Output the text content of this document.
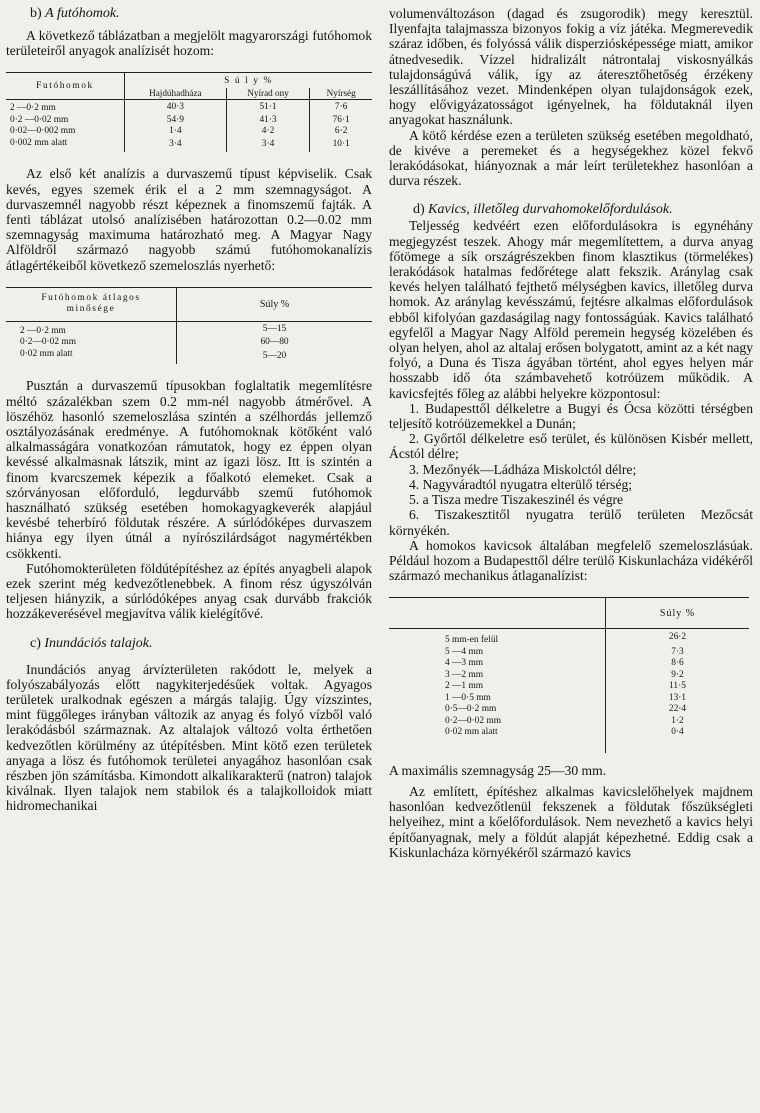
b) A futóhomok.

A következő táblázatban a megjelölt magyarországi futóhomok területeiről anyagok analízisét hozom:

Futóhomok	S ú l y %		
	Hajdúhadháza	Nyírad ony	Nyírség
2 —0·2 mm	40·3	51·1	7·6
0·2 —0·02 mm	54·9	41·3	76·1
0·02—0·002 mm	1·4	4·2	6·2
0·002 mm alatt	3·4	3·4	10·1

Az első két analízis a durvaszemű típust képviselik. Csak kevés, egyes szemek érik el a 2 mm szemnagyságot. A durvaszemnél nagyobb részt képeznek a finomszemű fajták. A fenti táblázat utolsó analízisében határozottan 0.2—0.02 mm szemnagyság maximuma határozható meg. A Magyar Nagy Alföldről származó nagyobb számú futóhomokanalízis átlagértékeiből következő szemeloszlás nyerhető:

Futóhomok átlagos
minősége	Súly %
2 —0·2 mm	5—15
0·2—0·02 mm	60—80
0·02 mm alatt	5—20

Pusztán a durvaszemű típusokban foglaltatik megemlítésre méltó százalékban szem 0.2 mm-nél nagyobb átmérővel. A löszéhöz hasonló szemeloszlása szintén a szélhordás jellemző osztályozásának eredménye. A futóhomoknak kötőként való alkalmasságára vonatkozóan rámutatok, hogy ez éppen olyan kevéssé alkalmasnak látszik, mint az igazi lösz. Itt is szintén a finom kvarcszemek képezik a főalkotó elemeket. Csak a szórványosan előforduló, legdurvább szemű futóhomok használható szükség esetében homokagyagkeverék alapjául kevésbé teherbíró földutak részére. A súrlódóképes durvaszem hiánya egy ilyen útnál a nyírószilárdságot nagymértékben csökkenti.

Futóhomokterületen földútépítéshez az építés anyagbeli alapok ezek szerint még kedvezőtlenebbek. A finom rész úgyszólván teljesen hiányzik, a súrlódóképes anyag csak durvább frakciók hozzákeverésével megjavítva válik kielégítővé.

c) Inundációs talajok.

Inundációs anyag árvízterületen rakódott le, melyek a folyószabályozás előtt nagykiterjedésűek voltak. Agyagos területek uralkodnak egészen a márgás talajig. Úgy vízszintes, mint függőleges irányban változik az anyag és folyó vízből való lerakódásból származnak. Az altalajok változó volta érthetően kedvezőtlen körülmény az útépítésben. Mint kötő ezen területek anyaga a lösz és futóhomok területei anyagához hasonlóan csak részben jön számításba. Kimondott alkalikarakterű (natron) talajok kiválnak. Ilyen talajok nem stabilok és a talajkolloidok miatt hidromechanikai

volumenváltozáson (dagad és zsugorodik) megy keresztül. Ilyenfajta talajmassza bizonyos fokig a víz játéka. Megmerevedik száraz időben, és folyóssá válik disperziósképessége miatt, amikor átnedvesedik. Vízzel hidralizált nátrontalaj viskosnyálkás tulajdonságúvá válik, így az áteresztőhetőség érzékeny leszállításához vezet. Mindenképen olyan tulajdonságok ezek, hogy elővigyázatosságot igényelnek, ha földutaknál ilyen anyagokat használunk.

A kötő kérdése ezen a területen szükség esetében megoldható, de kivéve a peremeket és a hegységekhez közel fekvő lerakódásokat, hiányoznak a már leírt területekhez hasonlóan a durva részek.

d) Kavics, illetőleg durvahomokelőfordulások.

Teljesség kedvéért ezen előfordulásokra is egynéhány megjegyzést teszek. Ahogy már megemlítettem, a durva anyag főtömege a sík országrészekben finom klasztikus (törmelékes) lerakódások hatalmas fedőrétege alatt fekszik. Aránylag csak kevés helyen található fejthető mélységben kavics, illetőleg durva homok. Az aránylag kevésszámú, fejtésre alkalmas előfordulások ebből kifolyóan gazdaságilag nagy fontosságúak. Kavics található egyfelől a Magyar Nagy Alföld peremein hegység közelében és olyan helyen, ahol az altalaj erősen bolygatott, amint az a két nagy folyó, a Duna és Tisza ágyában történt, ahol egyes helyen már hosszabb idő óta számbavehető kotróüzem működik. A kavicsfejtés főleg az alábbi helyekre központosul:

1. Budapesttől délkeletre a Bugyi és Ócsa közötti térségben teljesítő kotróüzemekkel a Dunán;

2. Győrtől délkeletre eső terület, és különösen Kisbér mellett, Ácstól délre;

3. Mezőnyék—Ládháza Miskolctól délre;

4. Nagyváradtól nyugatra elterülő térség;

5. a Tisza medre Tiszakeszinél és végre

6. Tiszakesztitől nyugatra terülő területen Mezőcsát környékén.

A homokos kavicsok általában megfelelő szemeloszlásúak. Például hozom a Budapesttől délre terülő Kiskunlacháza vidékéről származó mechanikus átlaganalízist:

	Súly %
5 mm-en felül	26·2
5 —4 mm	7·3
4 —3 mm	8·6
3 —2 mm	9·2
2 —1 mm	11·5
1 —0·5 mm	13·1
0·5—0·2 mm	22·4
0·2—0·02 mm	1·2
0·02 mm alatt	0·4

A maximális szemnagyság 25—30 mm.

Az említett, építéshez alkalmas kavicslelőhelyek majdnem hasonlóan kedvezőtlenül fekszenek a földutak főszükségleti helyeihez, mint a kőelőfordulások. Nem nevezhető a kavics helyi építőanyagnak, mely a földút alapját képezhetné. Eddig csak a Kiskunlacháza környékéről származó kavics
